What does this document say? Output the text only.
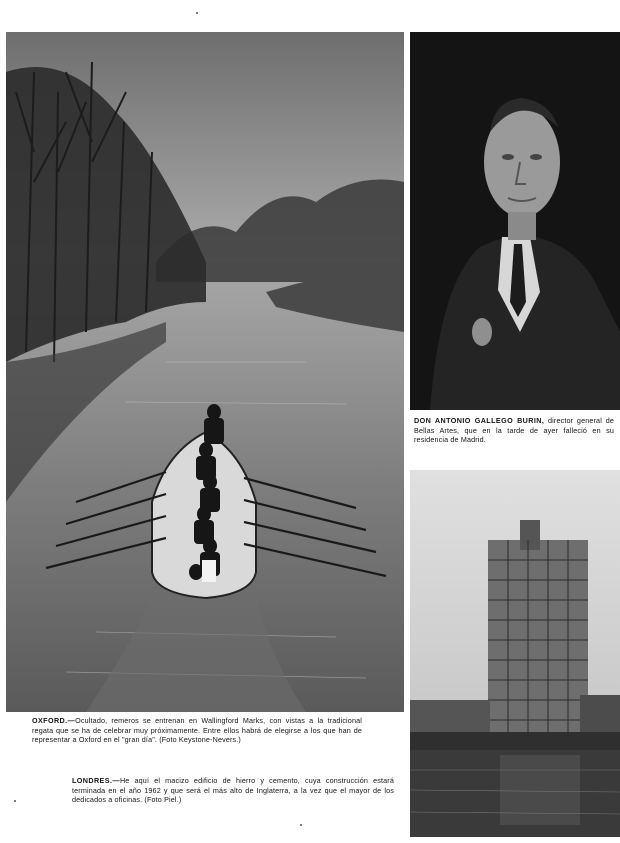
OXFORD.—Ocultado, remeros se entrenan en Wallingford Marks, con vistas a la tradicional regata que se ha de celebrar muy próximamente. Entre ellos habrá de elegirse a los que han de representar a Oxford en el "gran día". (Foto Keystone-Nevers.)
LONDRES.—He aquí el macizo edificio de hierro y cemento, cuya construcción estará terminada en el año 1962 y que será el más alto de Inglaterra, a la vez que el mayor de los dedicados a oficinas. (Foto Piel.)
DON ANTONIO GALLEGO BURIN, director general de Bellas Artes, que en la tarde de ayer falleció en su residencia de Madrid.
